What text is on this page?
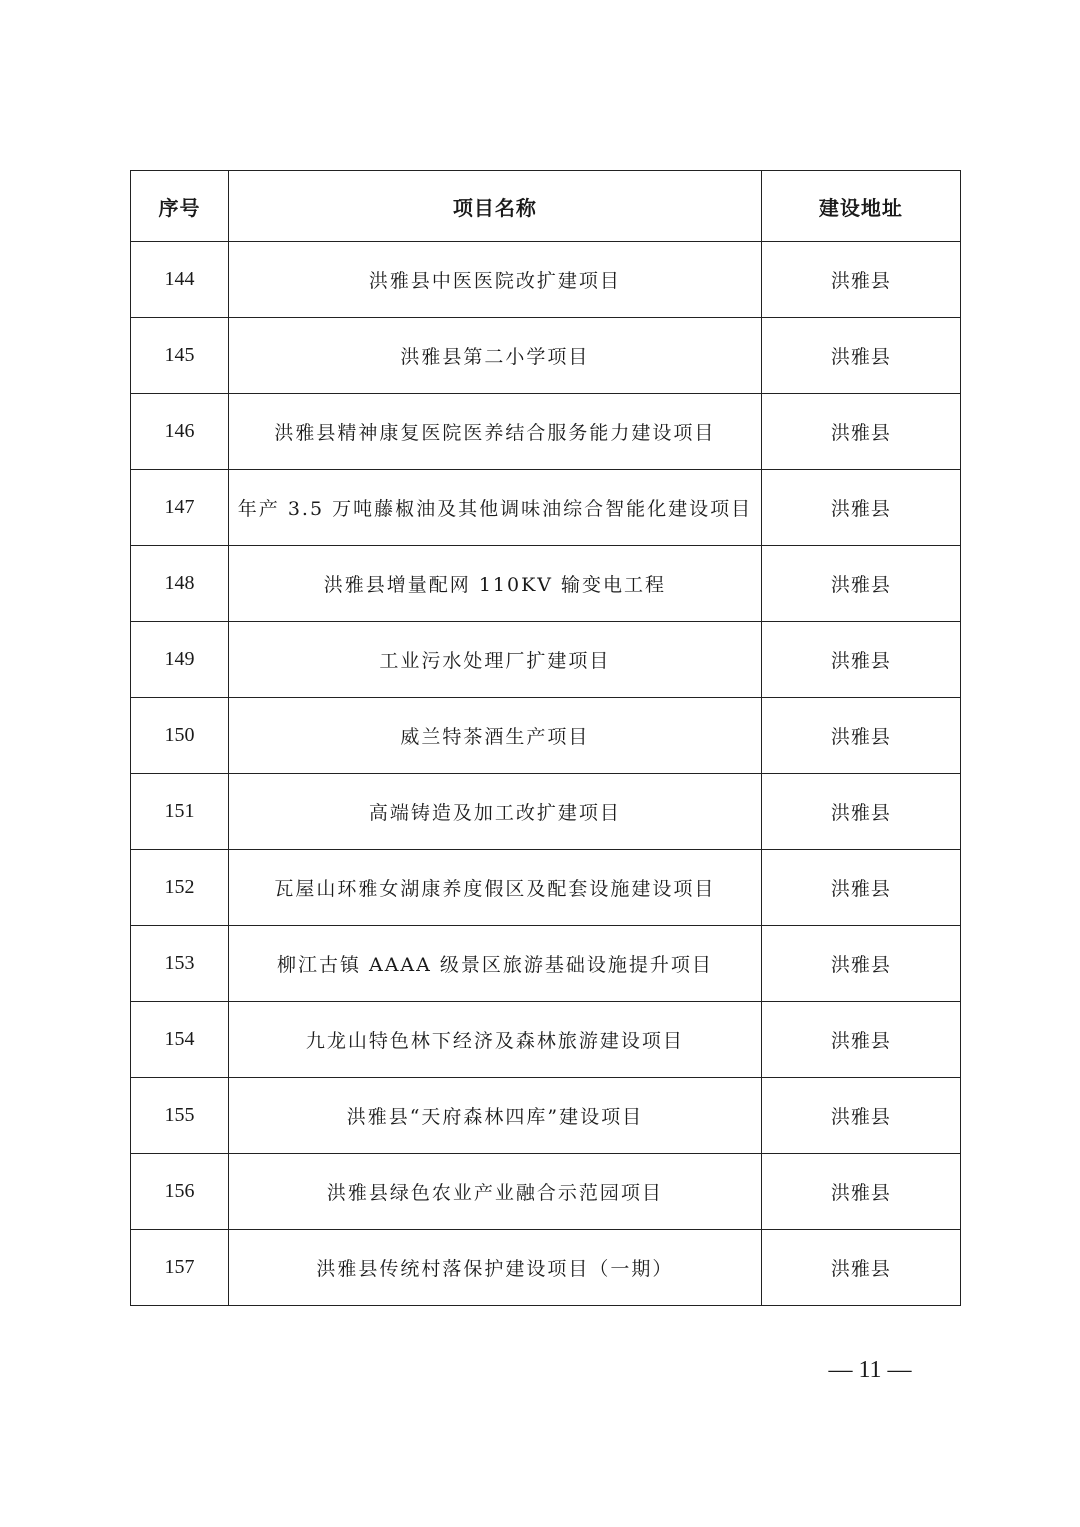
序号	项目名称	建设地址
144	洪雅县中医医院改扩建项目	洪雅县
145	洪雅县第二小学项目	洪雅县
146	洪雅县精神康复医院医养结合服务能力建设项目	洪雅县
147	年产 3.5 万吨藤椒油及其他调味油综合智能化建设项目	洪雅县
148	洪雅县增量配网 110KV 输变电工程	洪雅县
149	工业污水处理厂扩建项目	洪雅县
150	威兰特茶酒生产项目	洪雅县
151	高端铸造及加工改扩建项目	洪雅县
152	瓦屋山环雅女湖康养度假区及配套设施建设项目	洪雅县
153	柳江古镇 AAAA 级景区旅游基础设施提升项目	洪雅县
154	九龙山特色林下经济及森林旅游建设项目	洪雅县
155	洪雅县“天府森林四库”建设项目	洪雅县
156	洪雅县绿色农业产业融合示范园项目	洪雅县
157	洪雅县传统村落保护建设项目（一期）	洪雅县
— 11 —
